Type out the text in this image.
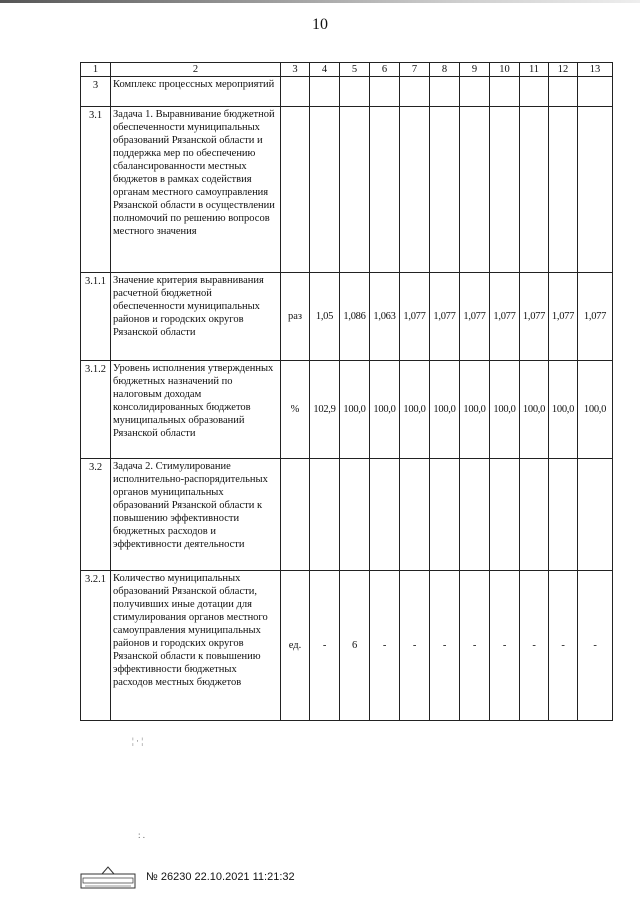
10
1	2	3	4	5	6	7	8	9	10	11	12	13
3	Комплекс процессных мероприятий											
3.1	Задача 1. Выравнивание бюджетной обеспеченности муниципальных образований Рязанской области и поддержка мер по обеспечению сбалансированности местных бюджетов в рамках содействия органам местного самоуправления Рязанской области в осуществлении полномочий по решению вопросов местного значения											
3.1.1	Значение критерия выравнивания расчетной бюджетной обеспеченности муниципальных районов и городских округов Рязанской области	раз	1,05	1,086	1,063	1,077	1,077	1,077	1,077	1,077	1,077	1,077
3.1.2	Уровень исполнения утвержденных бюджетных назначений по налоговым доходам консолидированных бюджетов муниципальных образований Рязанской области	%	102,9	100,0	100,0	100,0	100,0	100,0	100,0	100,0	100,0	100,0
3.2	Задача 2. Стимулирование исполнительно-распорядительных органов муниципальных образований Рязанской области к повышению эффективности бюджетных расходов и эффективности деятельности											
3.2.1	Количество муниципальных образований Рязанской области, получивших иные дотации для стимулирования органов местного самоуправления муниципальных районов и городских округов Рязанской области к повышению эффективности бюджетных расходов местных бюджетов	ед.	-	6	-	-	-	-	-	-	-	-
¦ · ¦
: .
№ 26230 22.10.2021 11:21:32
